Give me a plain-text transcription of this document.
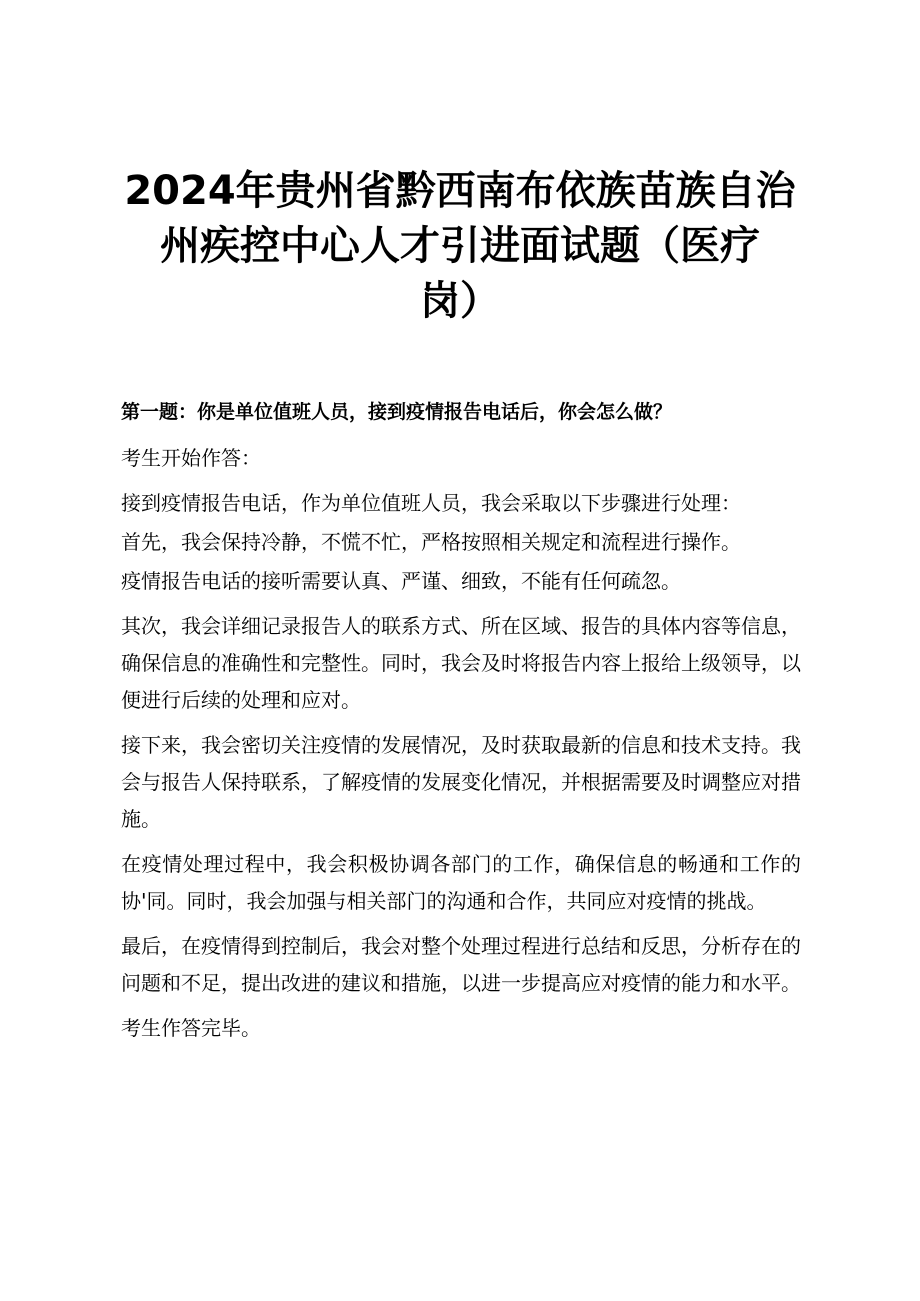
2024年贵州省黔西南布依族苗族自治
州疾控中心人才引进面试题（医疗
岗）
第一题：你是单位值班人员，接到疫情报告电话后，你会怎么做？

考生开始作答：

接到疫情报告电话，作为单位值班人员，我会采取以下步骤进行处理：

首先，我会保持冷静，不慌不忙，严格按照相关规定和流程进行操作。

疫情报告电话的接听需要认真、严谨、细致，不能有任何疏忽。

其次，我会详细记录报告人的联系方式、所在区域、报告的具体内容等信息，确保信息的准确性和完整性。同时，我会及时将报告内容上报给上级领导，以便进行后续的处理和应对。

接下来，我会密切关注疫情的发展情况，及时获取最新的信息和技术支持。我会与报告人保持联系，了解疫情的发展变化情况，并根据需要及时调整应对措施。

在疫情处理过程中，我会积极协调各部门的工作，确保信息的畅通和工作的协'同。同时，我会加强与相关部门的沟通和合作，共同应对疫情的挑战。

最后，在疫情得到控制后，我会对整个处理过程进行总结和反思，分析存在的问题和不足，提出改进的建议和措施，以进一步提高应对疫情的能力和水平。

考生作答完毕。
